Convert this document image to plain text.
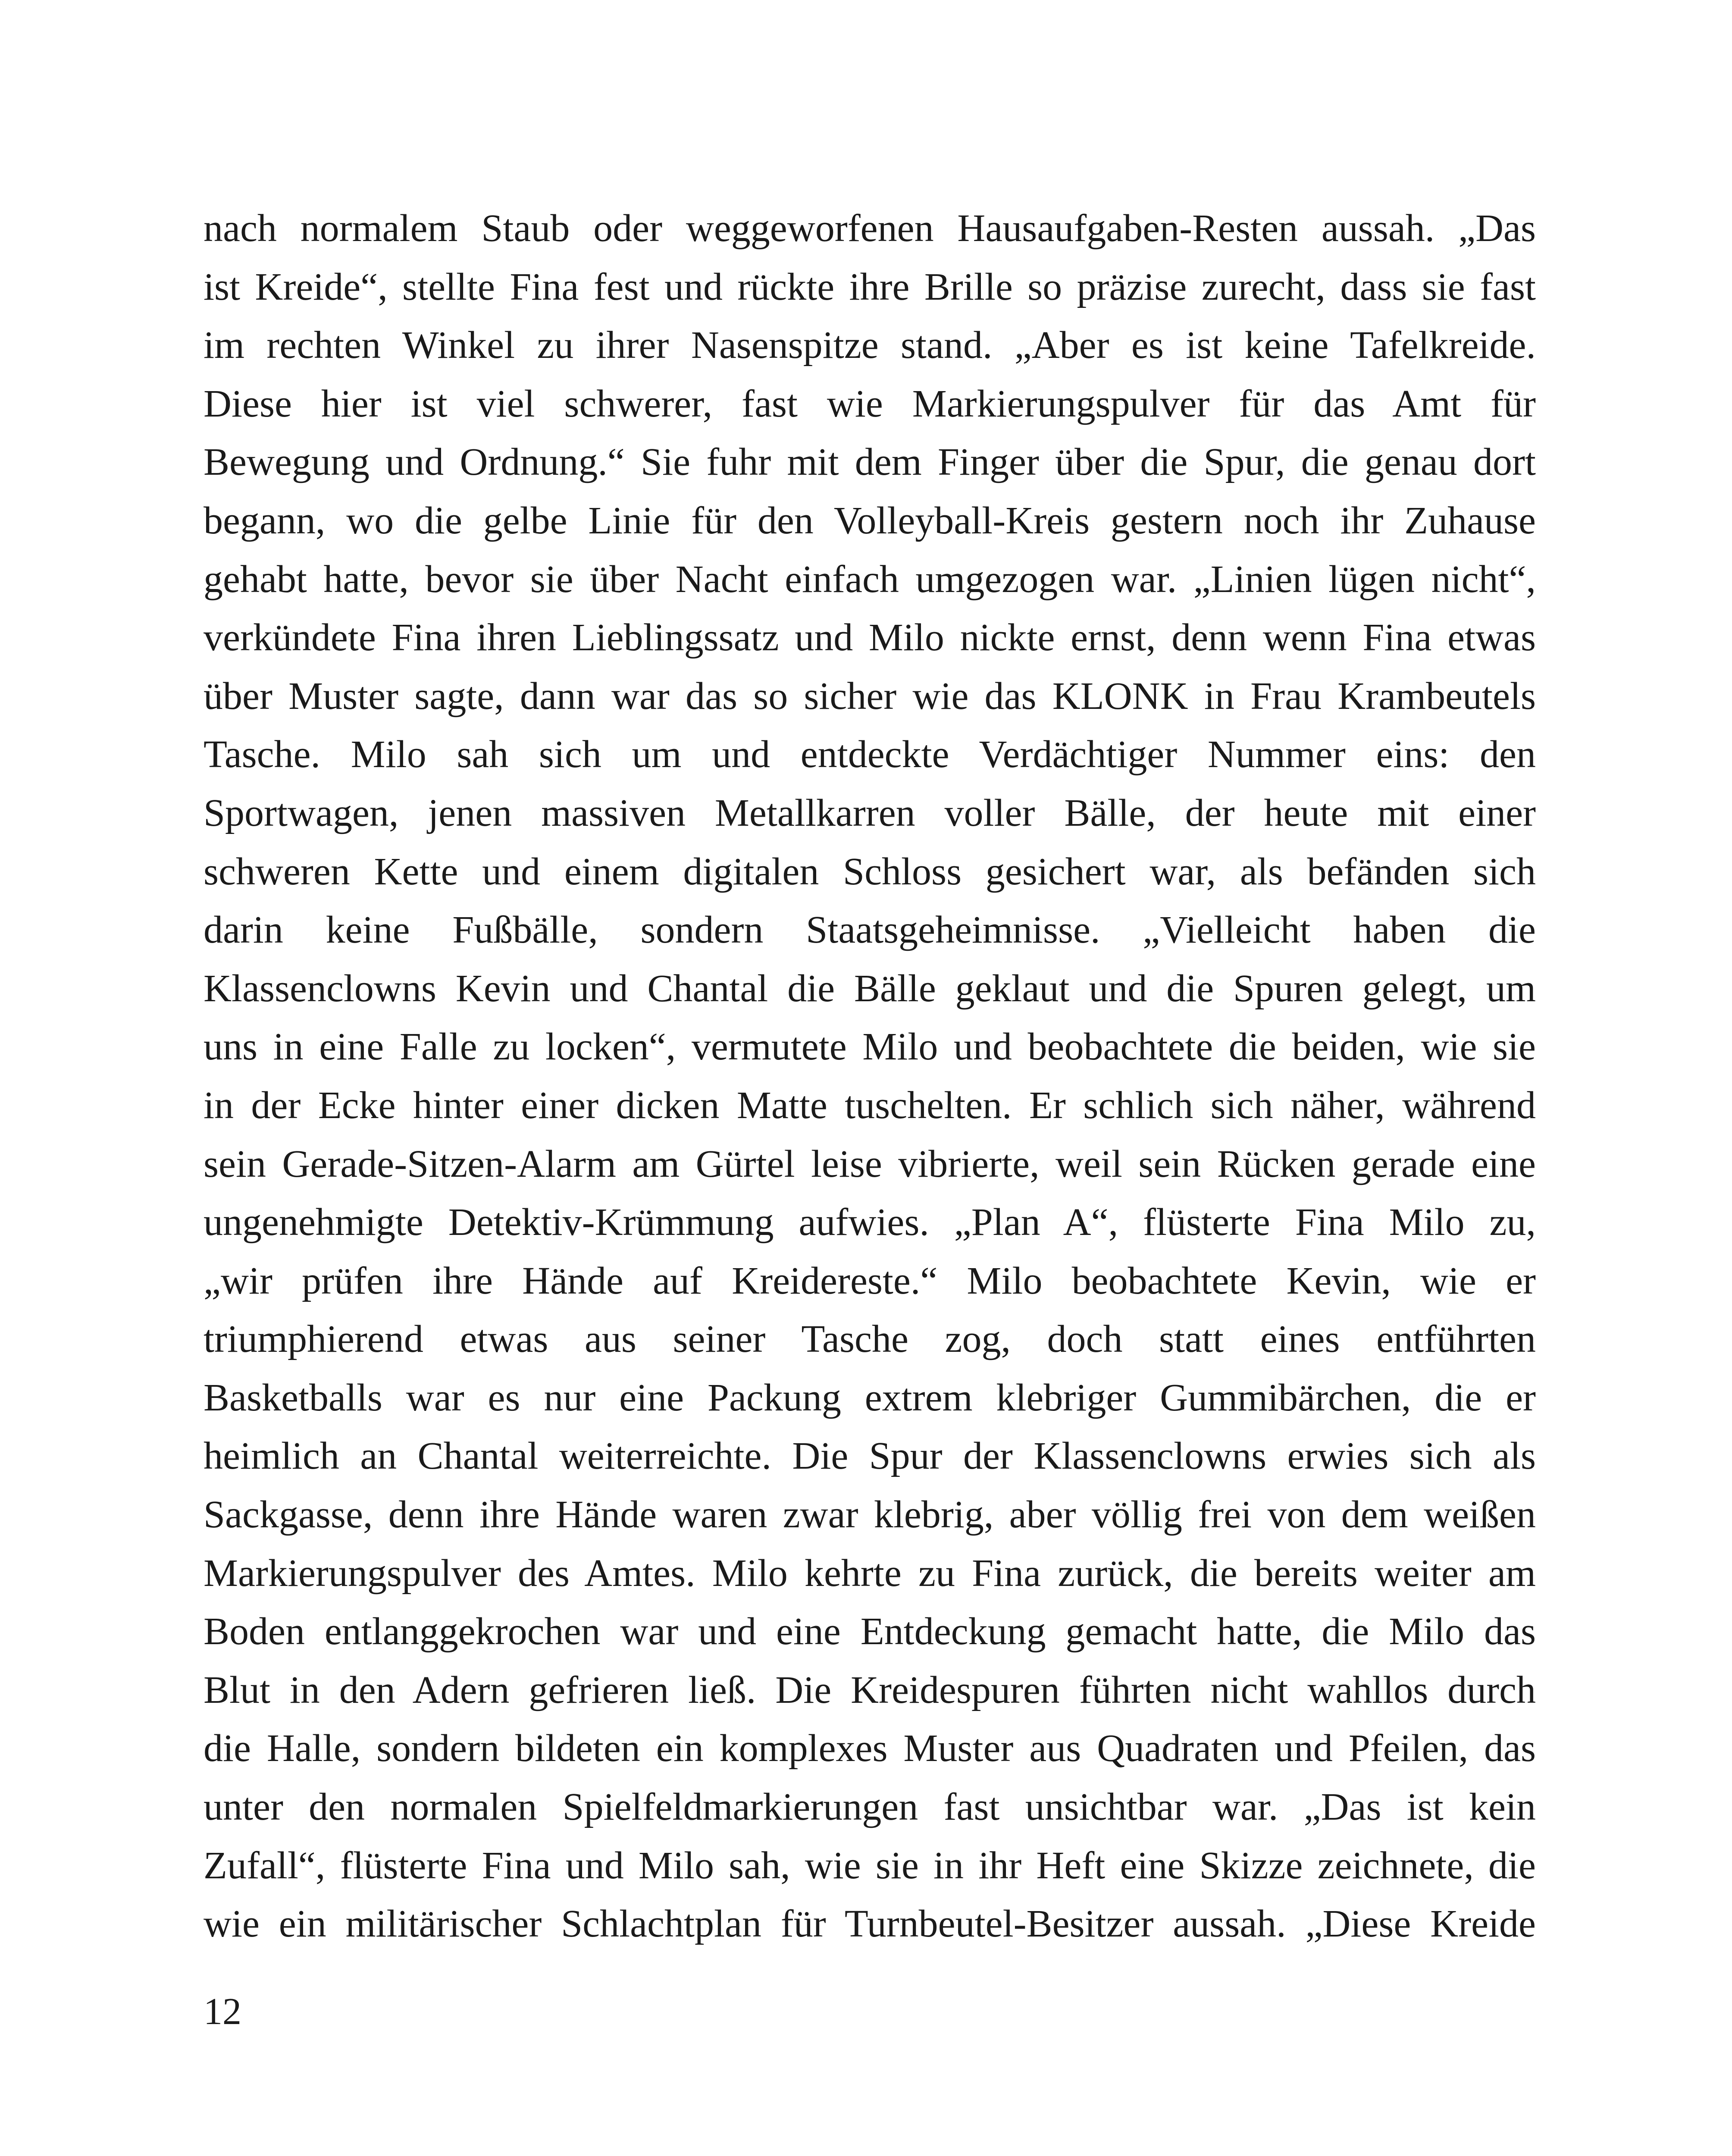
nach normalem Staub oder weggeworfenen Hausaufgaben-Resten aussah. „Das
ist Kreide“, stellte Fina fest und rückte ihre Brille so präzise zurecht, dass sie fast
im rechten Winkel zu ihrer Nasenspitze stand. „Aber es ist keine Tafelkreide.
Diese hier ist viel schwerer, fast wie Markierungspulver für das Amt für
Bewegung und Ordnung.“ Sie fuhr mit dem Finger über die Spur, die genau dort
begann, wo die gelbe Linie für den Volleyball-Kreis gestern noch ihr Zuhause
gehabt hatte, bevor sie über Nacht einfach umgezogen war. „Linien lügen nicht“,
verkündete Fina ihren Lieblingssatz und Milo nickte ernst, denn wenn Fina etwas
über Muster sagte, dann war das so sicher wie das KLONK in Frau Krambeutels
Tasche. Milo sah sich um und entdeckte Verdächtiger Nummer eins: den
Sportwagen, jenen massiven Metallkarren voller Bälle, der heute mit einer
schweren Kette und einem digitalen Schloss gesichert war, als befänden sich
darin keine Fußbälle, sondern Staatsgeheimnisse. „Vielleicht haben die
Klassenclowns Kevin und Chantal die Bälle geklaut und die Spuren gelegt, um
uns in eine Falle zu locken“, vermutete Milo und beobachtete die beiden, wie sie
in der Ecke hinter einer dicken Matte tuschelten. Er schlich sich näher, während
sein Gerade-Sitzen-Alarm am Gürtel leise vibrierte, weil sein Rücken gerade eine
ungenehmigte Detektiv-Krümmung aufwies. „Plan A“, flüsterte Fina Milo zu,
„wir prüfen ihre Hände auf Kreidereste.“ Milo beobachtete Kevin, wie er
triumphierend etwas aus seiner Tasche zog, doch statt eines entführten
Basketballs war es nur eine Packung extrem klebriger Gummibärchen, die er
heimlich an Chantal weiterreichte. Die Spur der Klassenclowns erwies sich als
Sackgasse, denn ihre Hände waren zwar klebrig, aber völlig frei von dem weißen
Markierungspulver des Amtes. Milo kehrte zu Fina zurück, die bereits weiter am
Boden entlanggekrochen war und eine Entdeckung gemacht hatte, die Milo das
Blut in den Adern gefrieren ließ. Die Kreidespuren führten nicht wahllos durch
die Halle, sondern bildeten ein komplexes Muster aus Quadraten und Pfeilen, das
unter den normalen Spielfeldmarkierungen fast unsichtbar war. „Das ist kein
Zufall“, flüsterte Fina und Milo sah, wie sie in ihr Heft eine Skizze zeichnete, die
wie ein militärischer Schlachtplan für Turnbeutel-Besitzer aussah. „Diese Kreide

12
